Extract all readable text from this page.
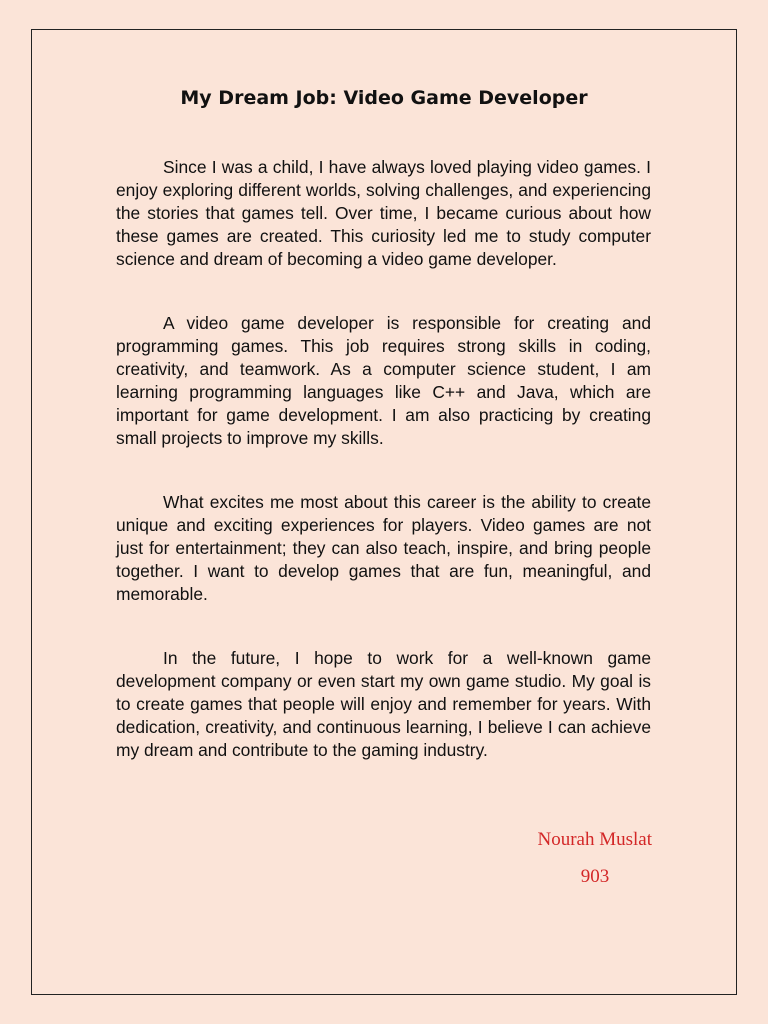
My Dream Job: Video Game Developer

Since I was a child, I have always loved playing video games. I enjoy exploring different worlds, solving challenges, and experiencing the stories that games tell. Over time, I became curious about how these games are created. This curiosity led me to study computer science and dream of becoming a video game developer.

A video game developer is responsible for creating and programming games. This job requires strong skills in coding, creativity, and teamwork. As a computer science student, I am learning programming languages like C++ and Java, which are important for game development. I am also practicing by creating small projects to improve my skills.

What excites me most about this career is the ability to create unique and exciting experiences for players. Video games are not just for entertainment; they can also teach, inspire, and bring people together. I want to develop games that are fun, meaningful, and memorable.

In the future, I hope to work for a well-known game development company or even start my own game studio. My goal is to create games that people will enjoy and remember for years. With dedication, creativity, and continuous learning, I believe I can achieve my dream and contribute to the gaming industry.

Nourah Muslat

903
